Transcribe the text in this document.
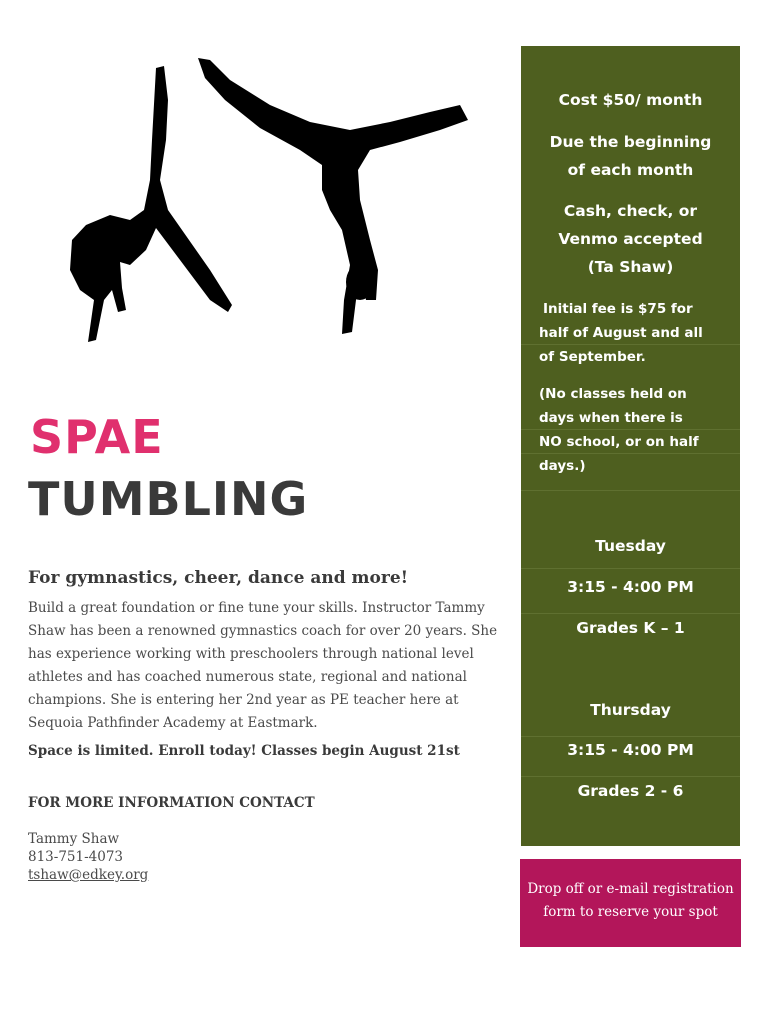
SPAE
TUMBLING
For gymnastics, cheer, dance and more!
Build a great foundation or fine tune your skills. Instructor Tammy Shaw has been a renowned gymnastics coach for over 20 years. She has experience working with preschoolers through national level athletes and has coached numerous state, regional and national champions. She is entering her 2nd year as PE teacher here at Sequoia Pathfinder Academy at Eastmark.
Space is limited. Enroll today! Classes begin August 21st
FOR MORE INFORMATION CONTACT
Tammy Shaw
813-751-4073
tshaw@edkey.org
Cost $50/ month
Due the beginning
of each month
Cash, check, or
Venmo accepted
(Ta Shaw)
Initial fee is $75 for
half of August and all
of September.
(No classes held on
days when there is
NO school, or on half
days.)
Tuesday
3:15 - 4:00 PM
Grades K – 1
Thursday
3:15 - 4:00 PM
Grades 2 - 6
Drop off or e-mail registration
form to reserve your spot
